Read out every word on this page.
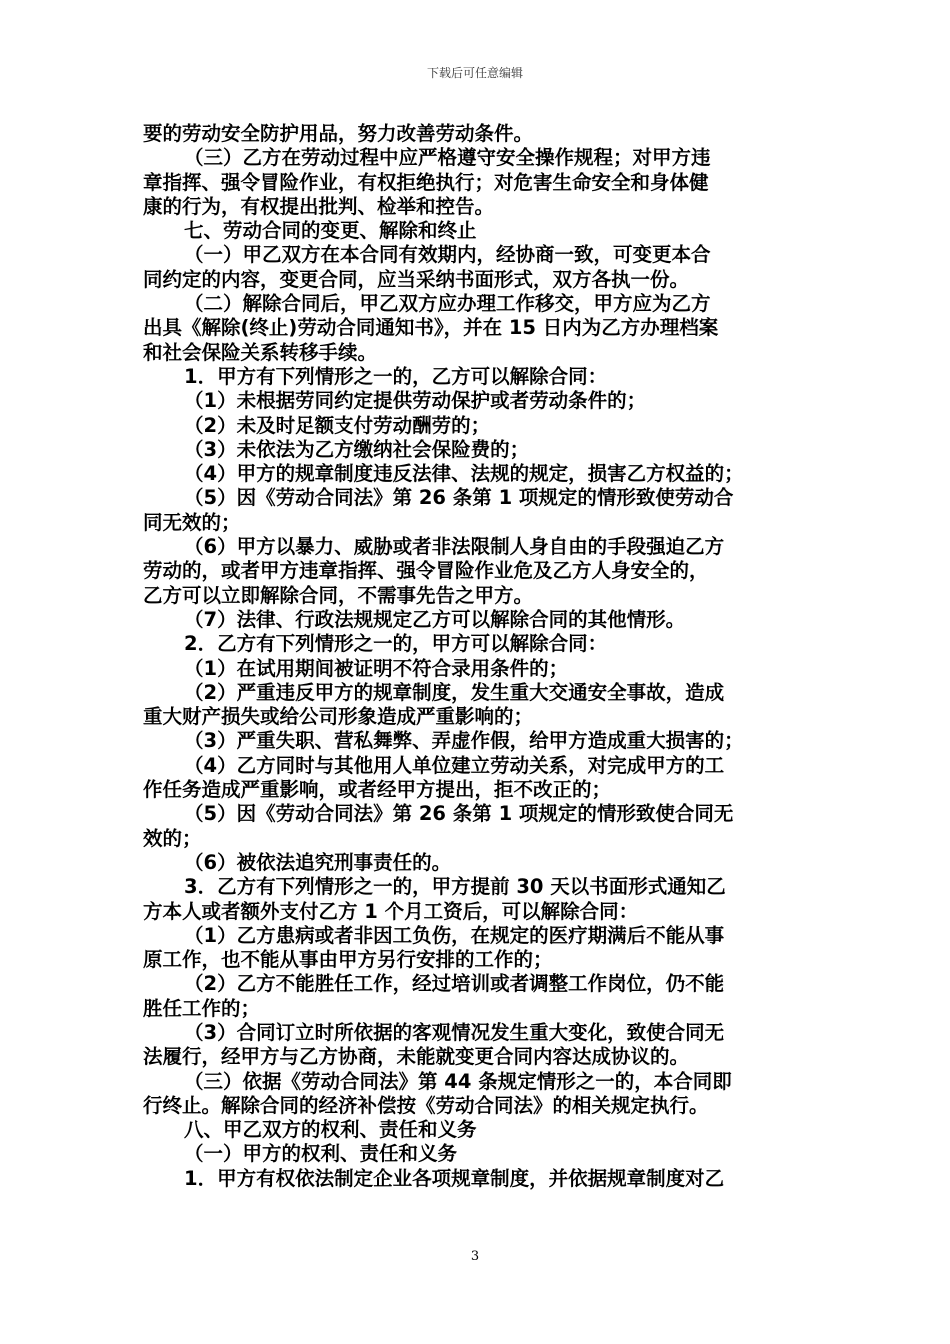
下载后可任意编辑
要的劳动安全防护用品，努力改善劳动条件。
（三）乙方在劳动过程中应严格遵守安全操作规程；对甲方违
章指挥、强令冒险作业，有权拒绝执行；对危害生命安全和身体健
康的行为，有权提出批判、检举和控告。
七、劳动合同的变更、解除和终止
（一）甲乙双方在本合同有效期内，经协商一致，可变更本合
同约定的内容，变更合同，应当采纳书面形式，双方各执一份。
（二）解除合同后，甲乙双方应办理工作移交，甲方应为乙方
出具《解除(终止)劳动合同通知书》，并在 15 日内为乙方办理档案
和社会保险关系转移手续。
1．甲方有下列情形之一的，乙方可以解除合同：
（1）未根据劳同约定提供劳动保护或者劳动条件的；
（2）未及时足额支付劳动酬劳的；
（3）未依法为乙方缴纳社会保险费的；
（4）甲方的规章制度违反法律、法规的规定，损害乙方权益的；
（5）因《劳动合同法》第 26 条第 1 项规定的情形致使劳动合
同无效的；
（6）甲方以暴力、威胁或者非法限制人身自由的手段强迫乙方
劳动的，或者甲方违章指挥、强令冒险作业危及乙方人身安全的，
乙方可以立即解除合同，不需事先告之甲方。
（7）法律、行政法规规定乙方可以解除合同的其他情形。
2．乙方有下列情形之一的，甲方可以解除合同：
（1）在试用期间被证明不符合录用条件的；
（2）严重违反甲方的规章制度，发生重大交通安全事故，造成
重大财产损失或给公司形象造成严重影响的；
（3）严重失职、营私舞弊、弄虚作假，给甲方造成重大损害的；
（4）乙方同时与其他用人单位建立劳动关系，对完成甲方的工
作任务造成严重影响，或者经甲方提出，拒不改正的；
（5）因《劳动合同法》第 26 条第 1 项规定的情形致使合同无
效的；
（6）被依法追究刑事责任的。
3．乙方有下列情形之一的，甲方提前 30 天以书面形式通知乙
方本人或者额外支付乙方 1 个月工资后，可以解除合同：
（1）乙方患病或者非因工负伤，在规定的医疗期满后不能从事
原工作，也不能从事由甲方另行安排的工作的；
（2）乙方不能胜任工作，经过培训或者调整工作岗位，仍不能
胜任工作的；
（3）合同订立时所依据的客观情况发生重大变化，致使合同无
法履行，经甲方与乙方协商，未能就变更合同内容达成协议的。
（三）依据《劳动合同法》第 44 条规定情形之一的，本合同即
行终止。解除合同的经济补偿按《劳动合同法》的相关规定执行。
八、甲乙双方的权利、责任和义务
（一）甲方的权利、责任和义务
1．甲方有权依法制定企业各项规章制度，并依据规章制度对乙
3
